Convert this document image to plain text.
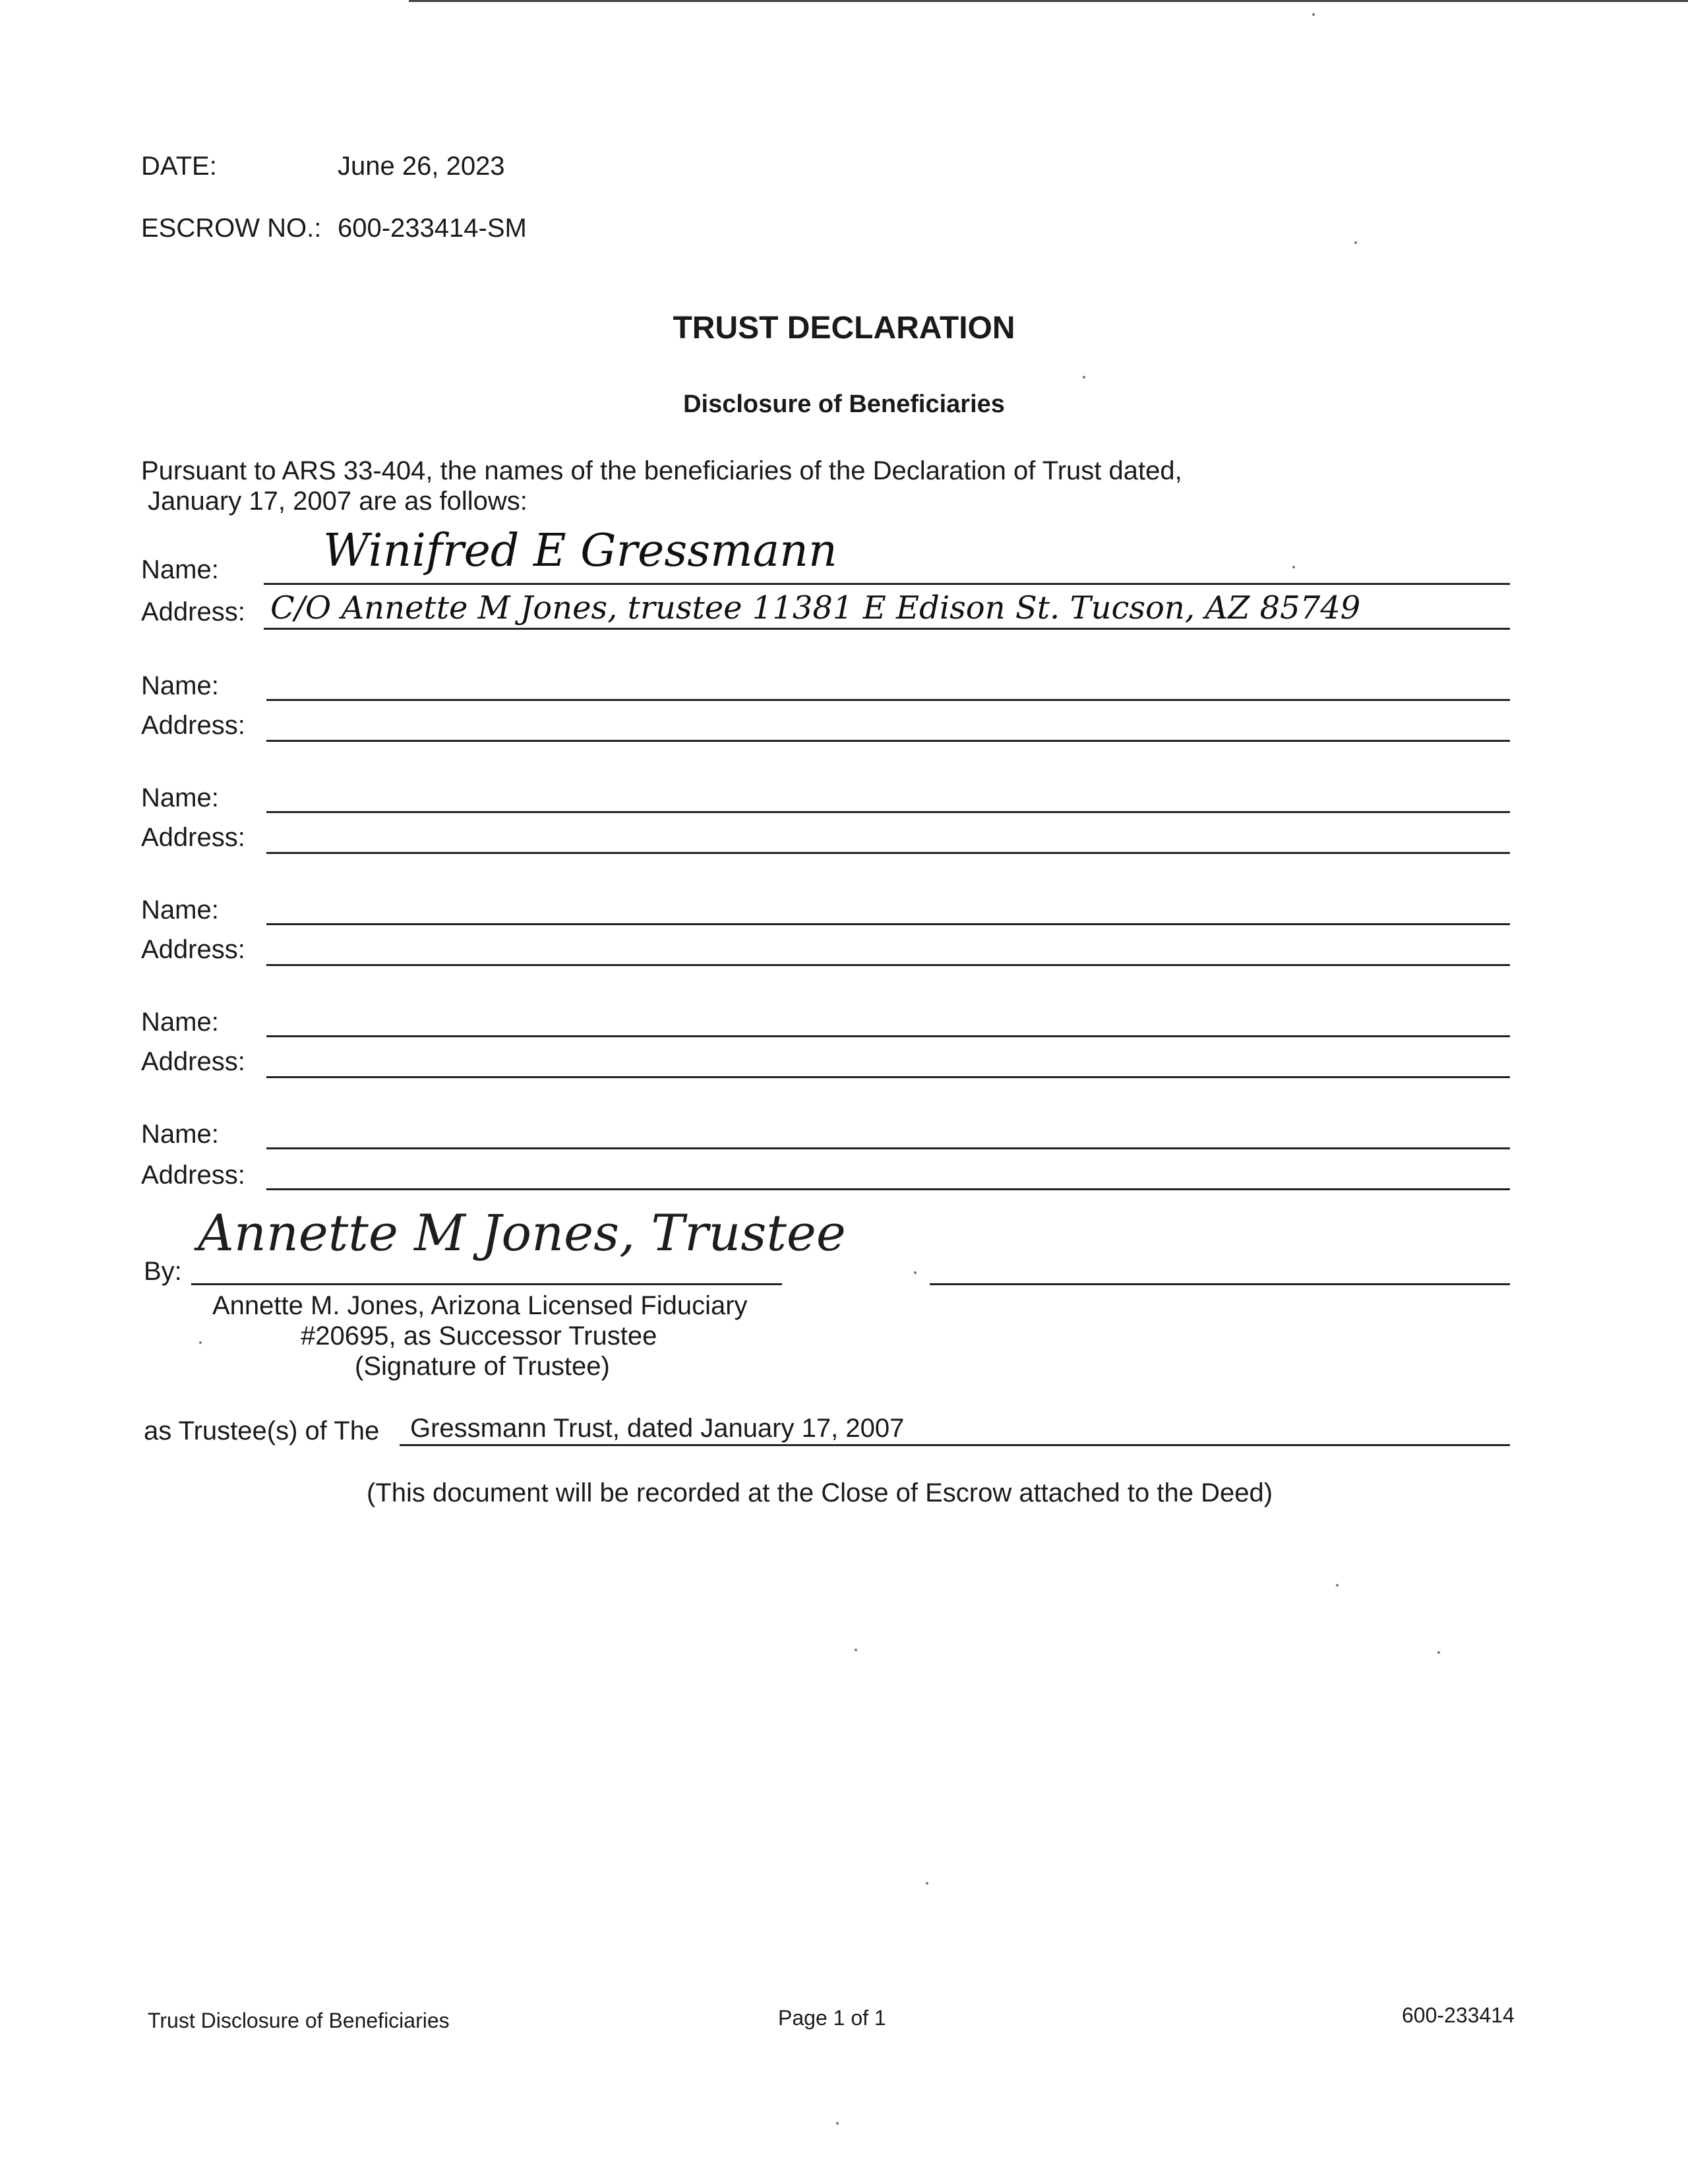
DATE:	June 26, 2023
ESCROW NO.: 600-233414-SM
TRUST DECLARATION
Disclosure of Beneficiaries
Pursuant to ARS 33-404, the names of the beneficiaries of the Declaration of Trust dated,
January 17, 2007 are as follows:
Name: Winifred E Gressmann
Address: C/O Annette M Jones, trustee 11381 E Edison St. Tucson, AZ 85749
Name:
Address:
Name:
Address:
Name:
Address:
Name:
Address:
Name:
Address:
By:
Annette M Jones, Trustee
Annette M. Jones, Arizona Licensed Fiduciary
#20695, as Successor Trustee
(Signature of Trustee)
as Trustee(s) of The Gressmann Trust, dated January 17, 2007
(This document will be recorded at the Close of Escrow attached to the Deed)
Trust Disclosure of Beneficiaries	Page 1 of 1	600-233414
